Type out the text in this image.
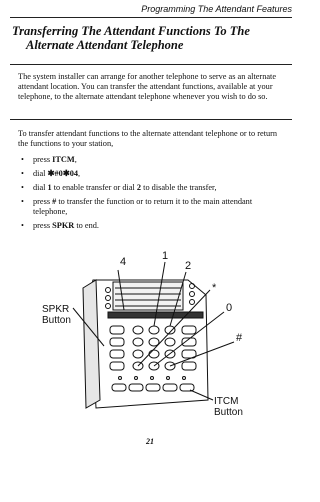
Programming The Attendant Features
Transferring The Attendant Functions To The
Alternate Attendant Telephone
The system installer can arrange for another telephone to serve as an alternate attendant location. You can transfer the attendant functions, available at your telephone, to the alternate attendant telephone whenever you wish to do so.
To transfer attendant functions to the alternate attendant telephone or to return the functions to your station,
• press ITCM,
• dial ✱#0✱04,
• dial 1 to enable transfer or dial 2 to disable the transfer,
• press # to transfer the function or to return it to the main attendant telephone,
• press SPKR to end.
4	1
2
*
0
#
SPKR
Button
ITCM
Button
21
